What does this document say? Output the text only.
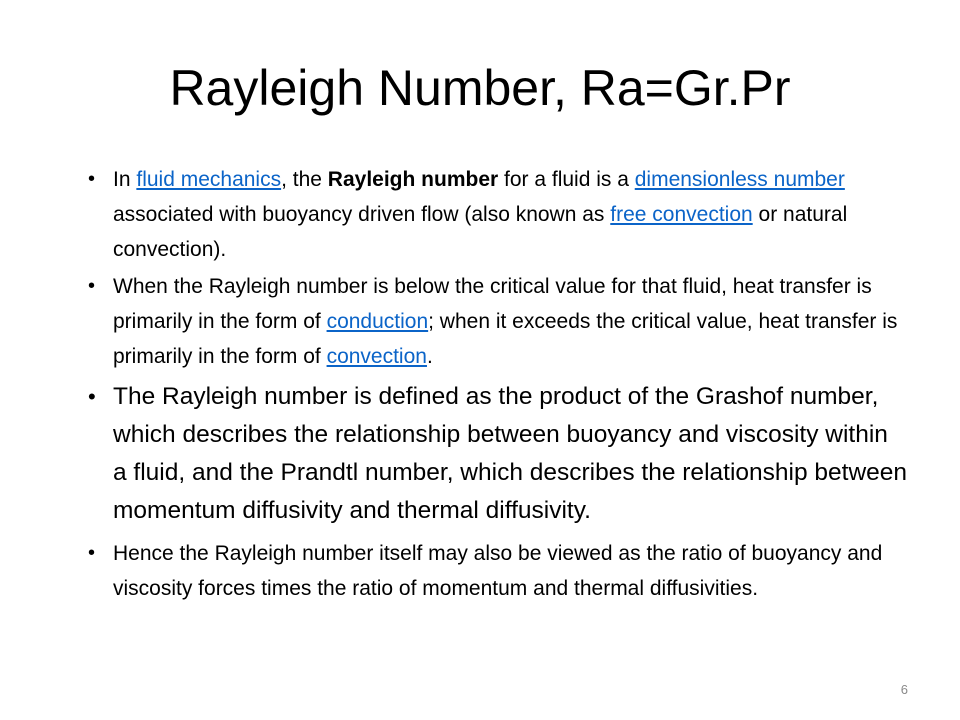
Rayleigh Number, Ra=Gr.Pr
• In fluid mechanics, the Rayleigh number for a fluid is a dimensionless number associated with buoyancy driven flow (also known as free convection or natural convection).
• When the Rayleigh number is below the critical value for that fluid, heat transfer is primarily in the form of conduction; when it exceeds the critical value, heat transfer is primarily in the form of convection.
• The Rayleigh number is defined as the product of the Grashof number, which describes the relationship between buoyancy and viscosity within a fluid, and the Prandtl number, which describes the relationship between momentum diffusivity and thermal diffusivity.
• Hence the Rayleigh number itself may also be viewed as the ratio of buoyancy and viscosity forces times the ratio of momentum and thermal diffusivities.
6
